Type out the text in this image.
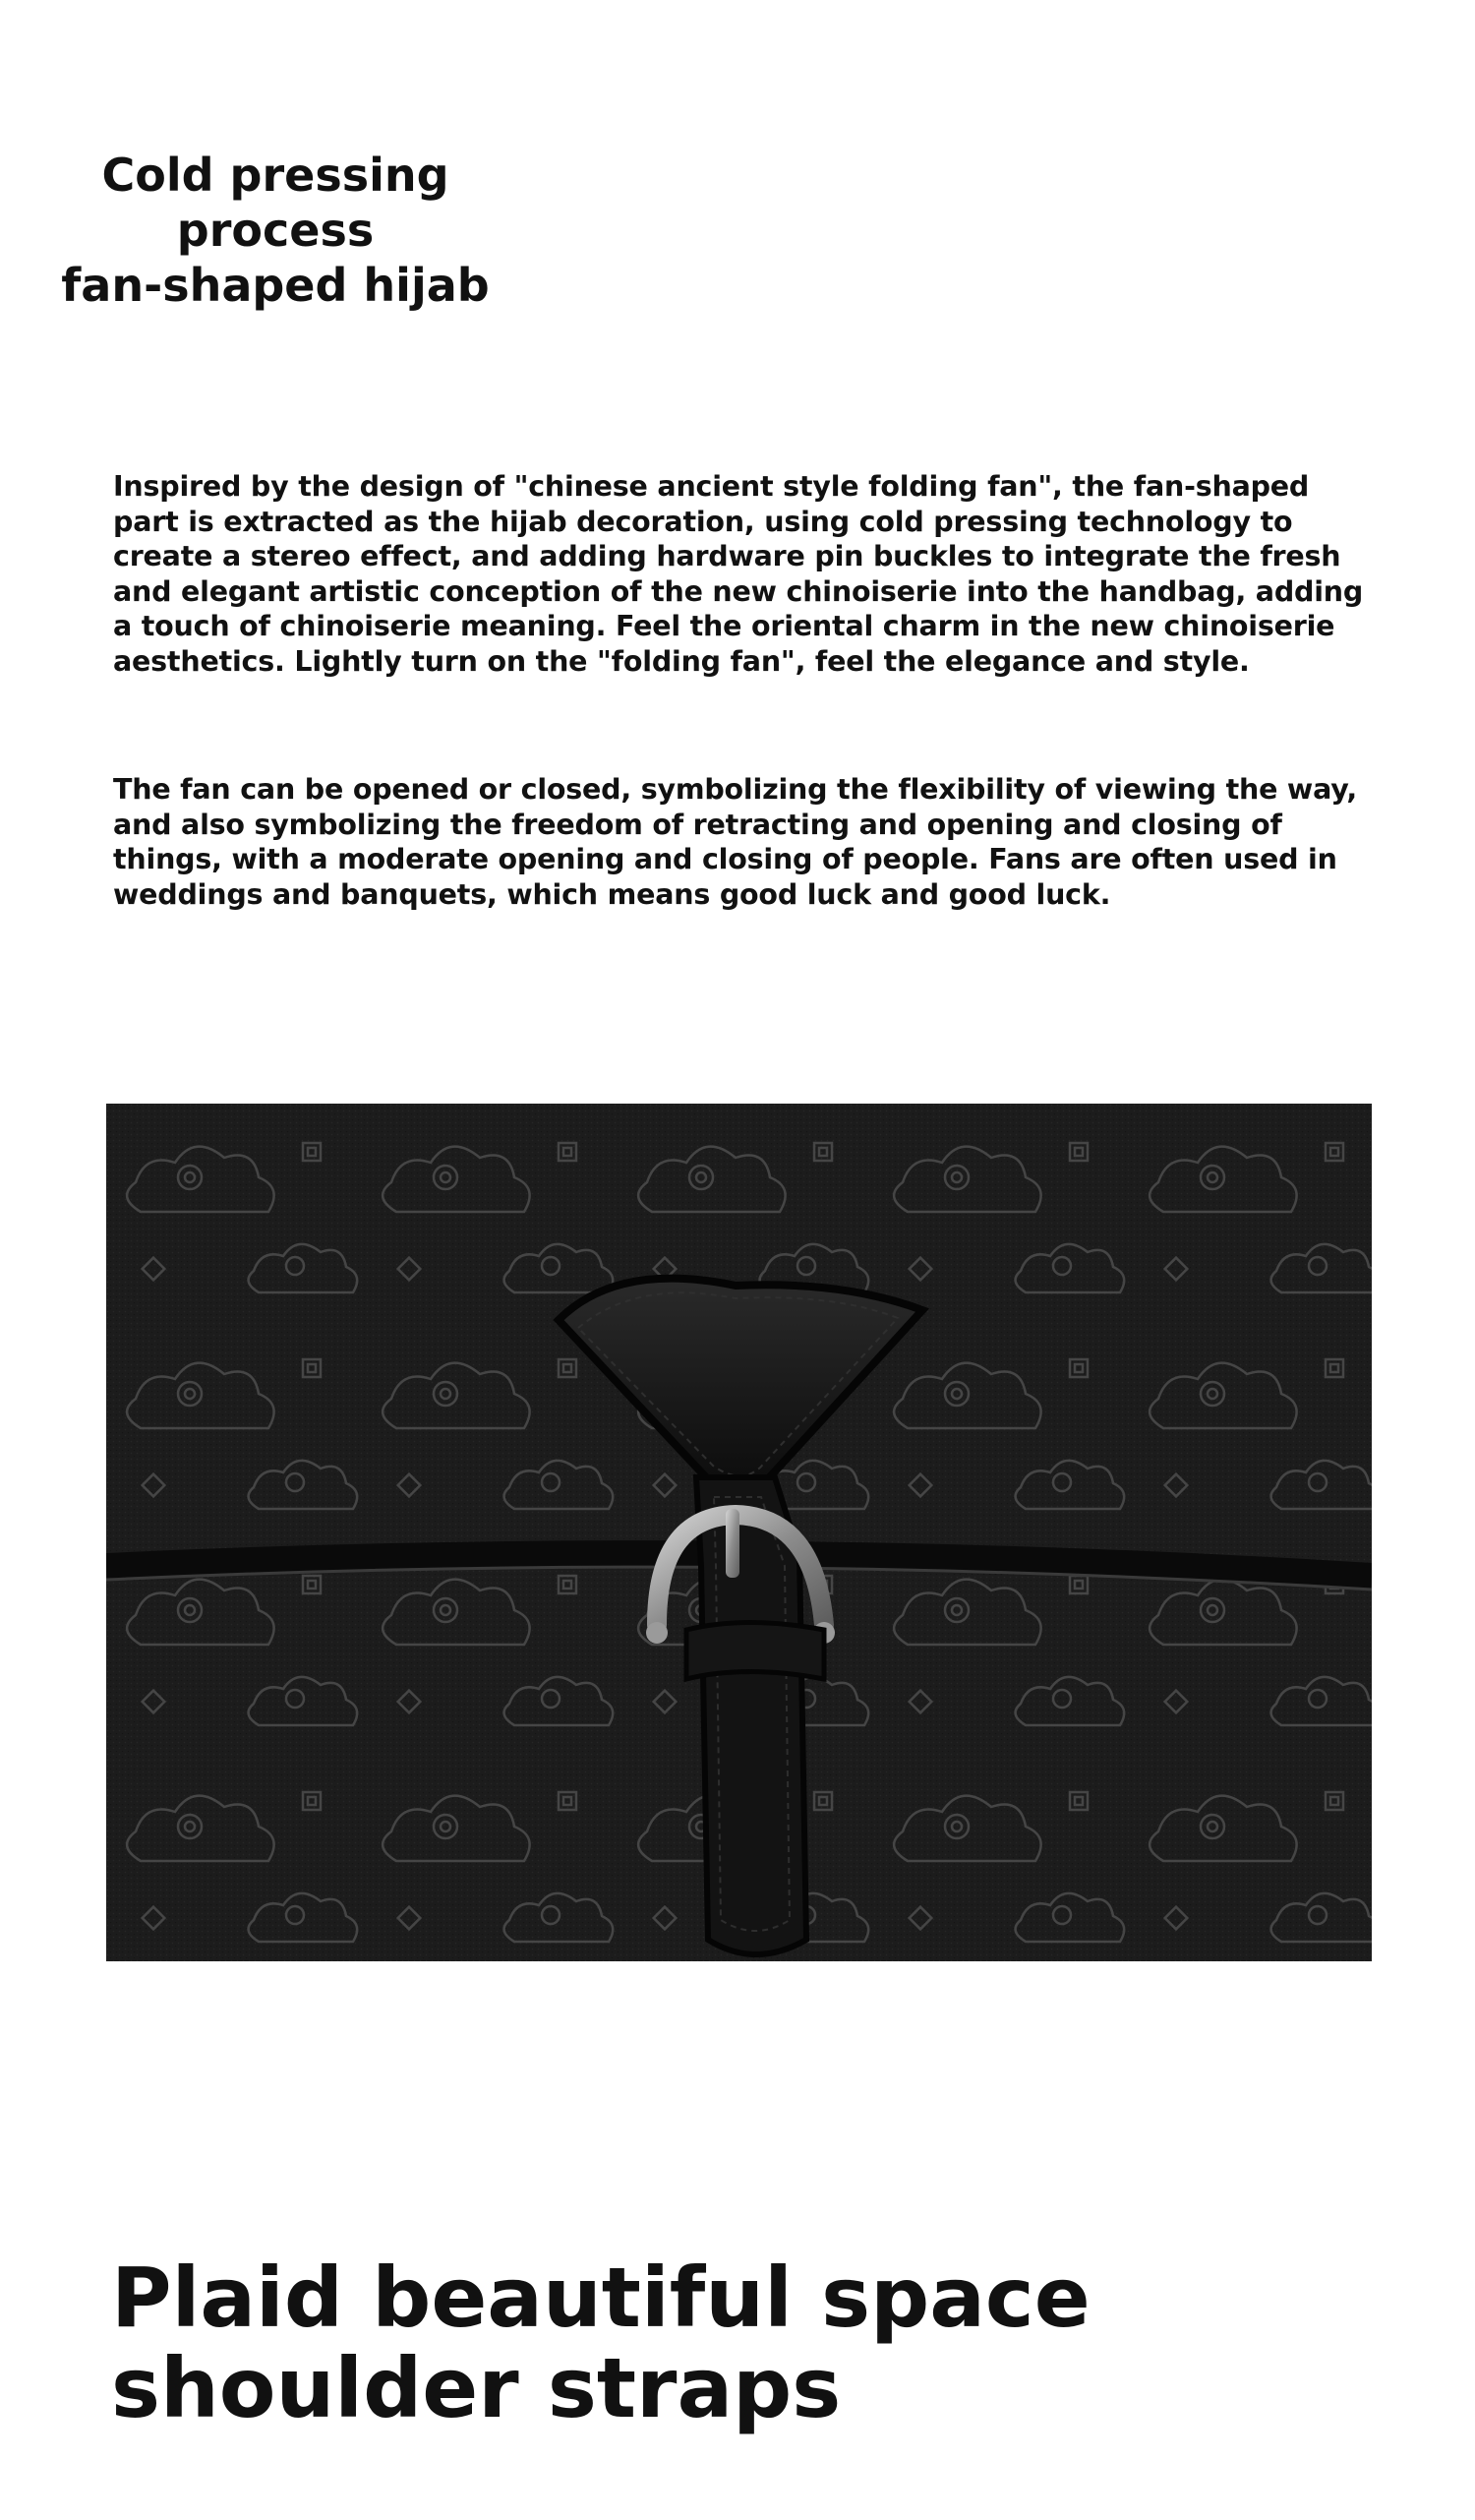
Cold pressing
process
fan-shaped hijab

Inspired by the design of "chinese ancient style folding fan", the fan-shaped part is extracted as the hijab decoration, using cold pressing technology to create a stereo effect, and adding hardware pin buckles to integrate the fresh and elegant artistic conception of the new chinoiserie into the handbag, adding a touch of chinoiserie meaning. Feel the oriental charm in the new chinoiserie aesthetics. Lightly turn on the "folding fan", feel the elegance and style.

The fan can be opened or closed, symbolizing the flexibility of viewing the way, and also symbolizing the freedom of retracting and opening and closing of things, with a moderate opening and closing of people. Fans are often used in weddings and banquets, which means good luck and good luck.

Plaid beautiful space
shoulder straps
